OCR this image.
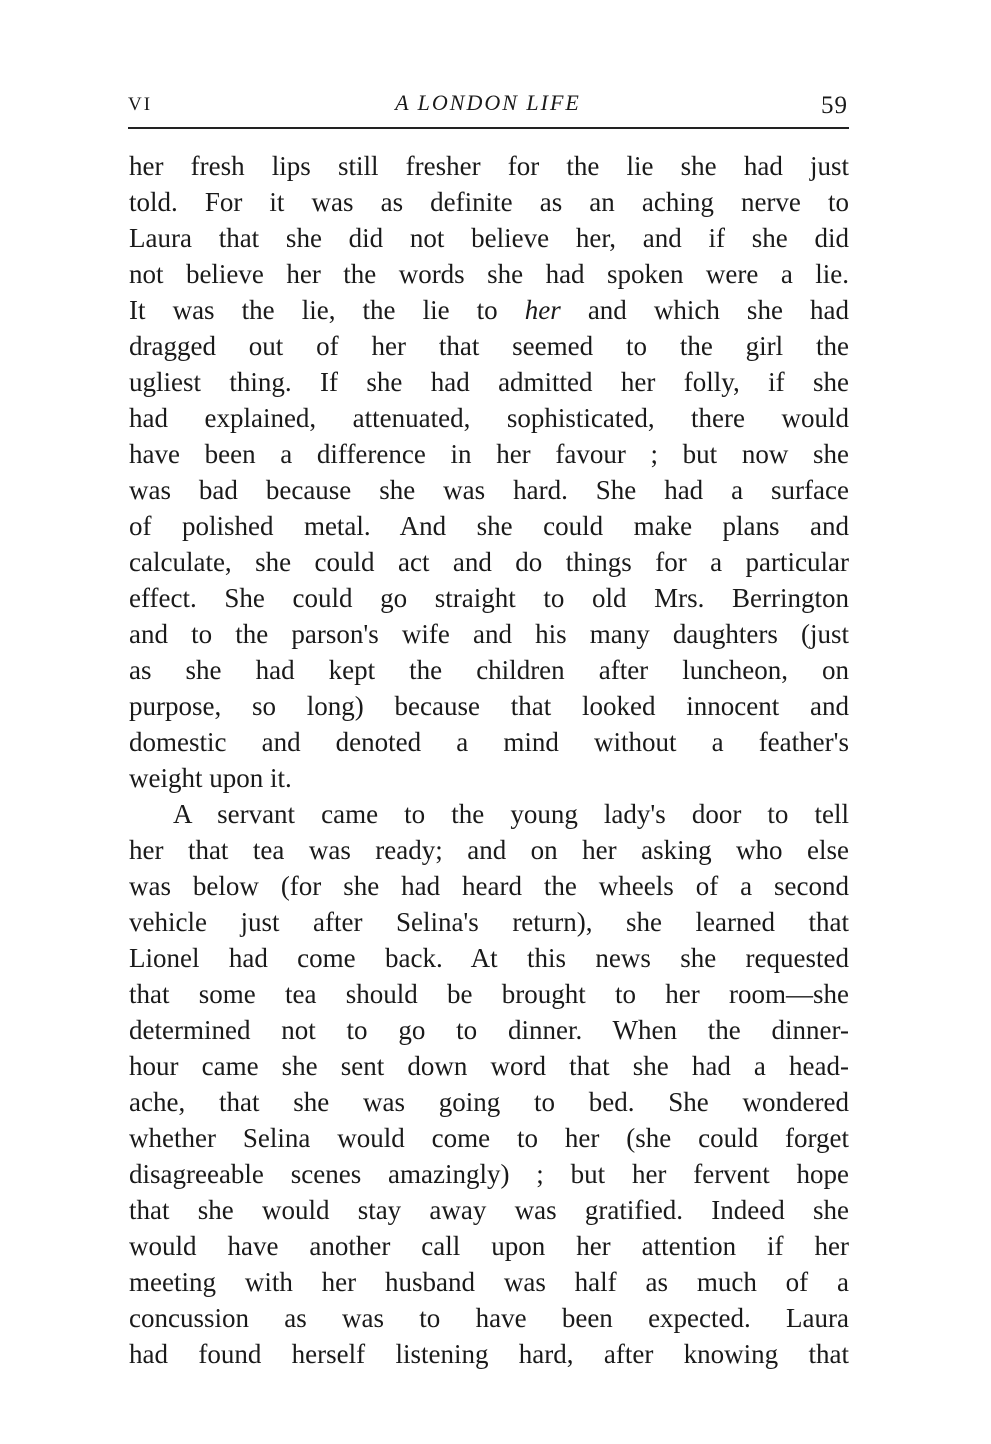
VI	A LONDON LIFE	59
her fresh lips still fresher for the lie she had just
told. For it was as definite as an aching nerve to
Laura that she did not believe her, and if she did
not believe her the words she had spoken were a lie.
It was the lie, the lie to her and which she had
dragged out of her that seemed to the girl the
ugliest thing. If she had admitted her folly, if she
had explained, attenuated, sophisticated, there would
have been a difference in her favour ; but now she
was bad because she was hard. She had a surface
of polished metal. And she could make plans and
calculate, she could act and do things for a particular
effect. She could go straight to old Mrs. Berrington
and to the parson's wife and his many daughters (just
as she had kept the children after luncheon, on
purpose, so long) because that looked innocent and
domestic and denoted a mind without a feather's
weight upon it.
A servant came to the young lady's door to tell
her that tea was ready; and on her asking who else
was below (for she had heard the wheels of a second
vehicle just after Selina's return), she learned that
Lionel had come back. At this news she requested
that some tea should be brought to her room—she
determined not to go to dinner. When the dinner-
hour came she sent down word that she had a head-
ache, that she was going to bed. She wondered
whether Selina would come to her (she could forget
disagreeable scenes amazingly) ; but her fervent hope
that she would stay away was gratified. Indeed she
would have another call upon her attention if her
meeting with her husband was half as much of a
concussion as was to have been expected. Laura
had found herself listening hard, after knowing that
